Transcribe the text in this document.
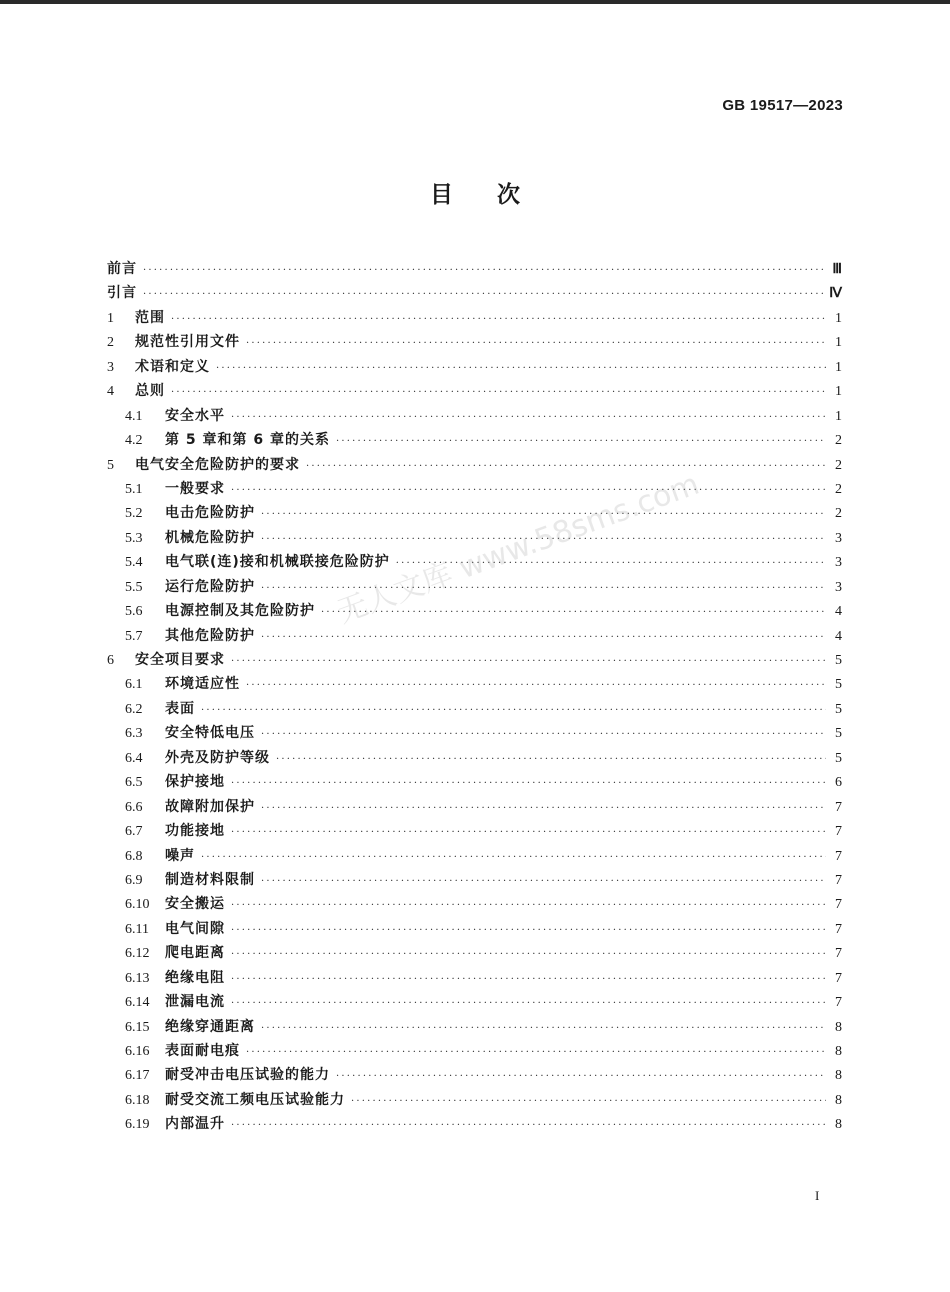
GB 19517—2023
目次
前言 ·····	Ⅲ
引言 ·····	Ⅳ
1	范围 ·····	1
2	规范性引用文件 ·····	1
3	术语和定义 ·····	1
4	总则 ·····	1
4.1	安全水平 ·····	1
4.2	第 5 章和第 6 章的关系 ·····	2
5	电气安全危险防护的要求 ·····	2
5.1	一般要求 ·····	2
5.2	电击危险防护 ·····	2
5.3	机械危险防护 ·····	3
5.4	电气联(连)接和机械联接危险防护 ·····	3
5.5	运行危险防护 ·····	3
5.6	电源控制及其危险防护 ·····	4
5.7	其他危险防护 ·····	4
6	安全项目要求 ·····	5
6.1	环境适应性 ·····	5
6.2	表面 ·····	5
6.3	安全特低电压 ·····	5
6.4	外壳及防护等级 ·····	5
6.5	保护接地 ·····	6
6.6	故障附加保护 ·····	7
6.7	功能接地 ·····	7
6.8	噪声 ·····	7
6.9	制造材料限制 ·····	7
6.10	安全搬运 ·····	7
6.11	电气间隙 ·····	7
6.12	爬电距离 ·····	7
6.13	绝缘电阻 ·····	7
6.14	泄漏电流 ·····	7
6.15	绝缘穿通距离 ·····	8
6.16	表面耐电痕 ·····	8
6.17	耐受冲击电压试验的能力 ·····	8
6.18	耐受交流工频电压试验能力 ·····	8
6.19	内部温升 ·····	8
I
无人文库 www.58sms.com
